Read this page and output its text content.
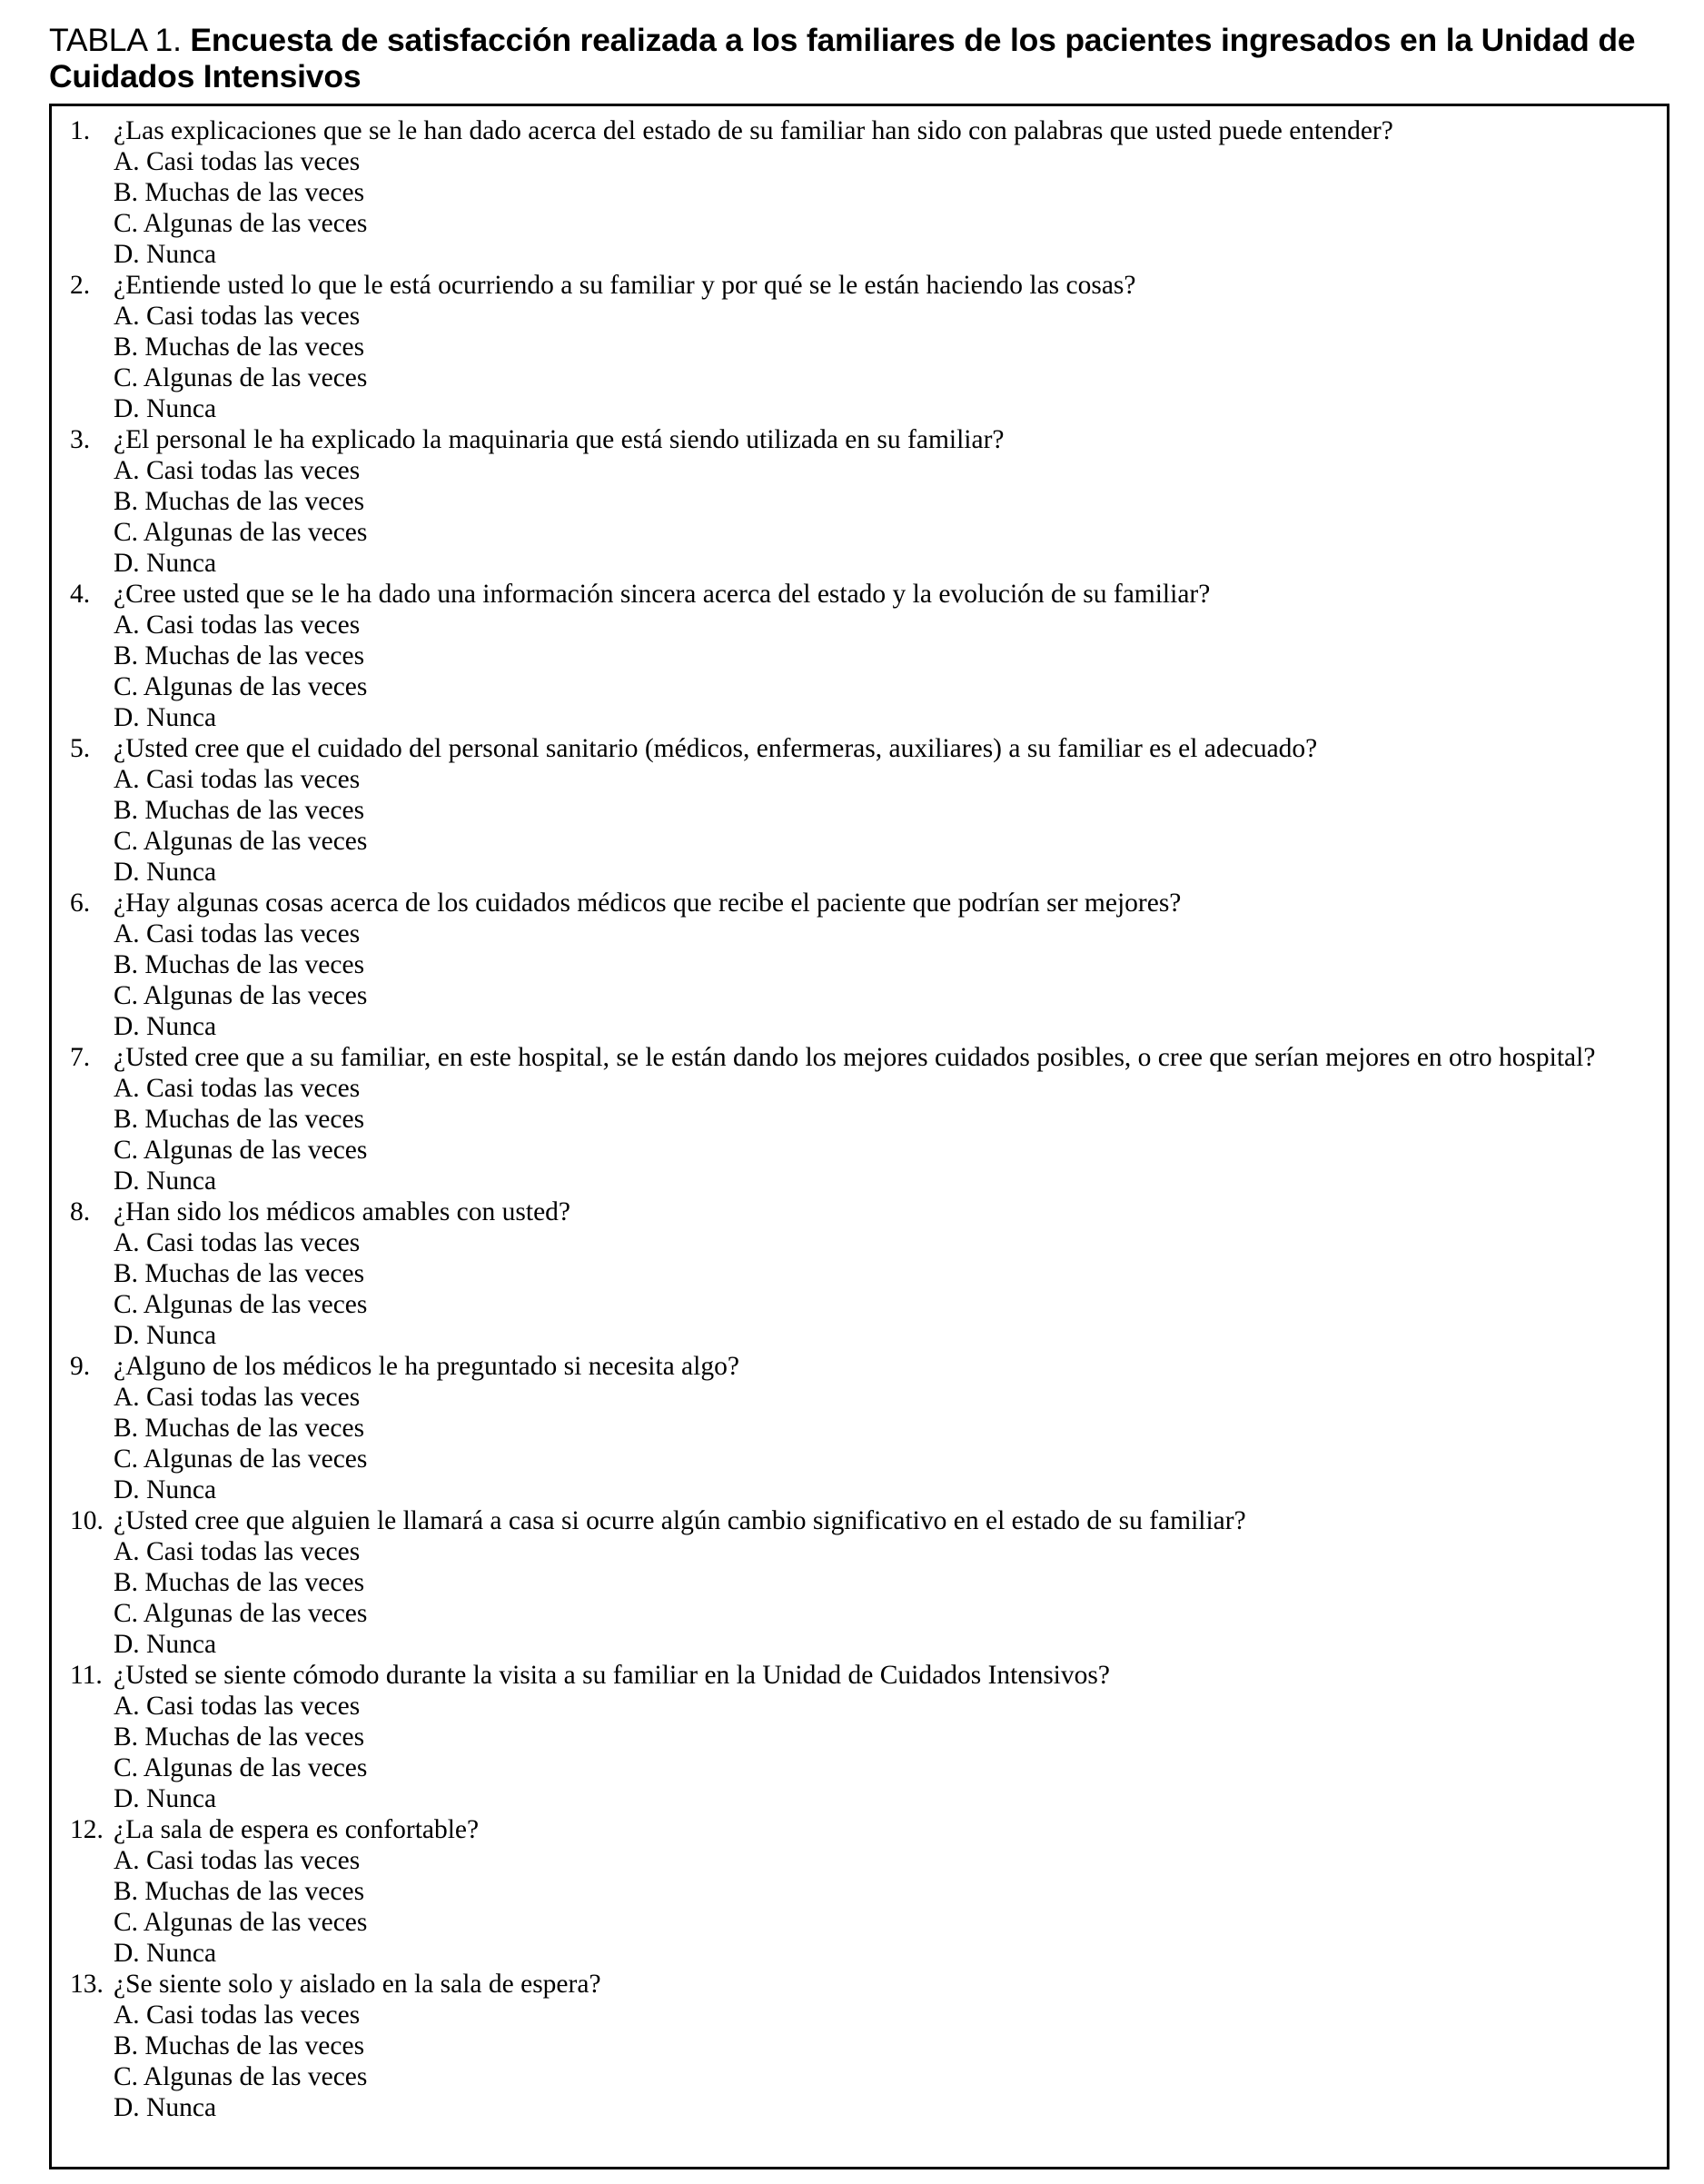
TABLA 1. Encuesta de satisfacción realizada a los familiares de los pacientes ingresados en la Unidad de Cuidados Intensivos
1. ¿Las explicaciones que se le han dado acerca del estado de su familiar han sido con palabras que usted puede entender?
A. Casi todas las veces
B. Muchas de las veces
C. Algunas de las veces
D. Nunca
2. ¿Entiende usted lo que le está ocurriendo a su familiar y por qué se le están haciendo las cosas?
A. Casi todas las veces
B. Muchas de las veces
C. Algunas de las veces
D. Nunca
3. ¿El personal le ha explicado la maquinaria que está siendo utilizada en su familiar?
A. Casi todas las veces
B. Muchas de las veces
C. Algunas de las veces
D. Nunca
4. ¿Cree usted que se le ha dado una información sincera acerca del estado y la evolución de su familiar?
A. Casi todas las veces
B. Muchas de las veces
C. Algunas de las veces
D. Nunca
5. ¿Usted cree que el cuidado del personal sanitario (médicos, enfermeras, auxiliares) a su familiar es el adecuado?
A. Casi todas las veces
B. Muchas de las veces
C. Algunas de las veces
D. Nunca
6. ¿Hay algunas cosas acerca de los cuidados médicos que recibe el paciente que podrían ser mejores?
A. Casi todas las veces
B. Muchas de las veces
C. Algunas de las veces
D. Nunca
7. ¿Usted cree que a su familiar, en este hospital, se le están dando los mejores cuidados posibles, o cree que serían mejores en otro hospital?
A. Casi todas las veces
B. Muchas de las veces
C. Algunas de las veces
D. Nunca
8. ¿Han sido los médicos amables con usted?
A. Casi todas las veces
B. Muchas de las veces
C. Algunas de las veces
D. Nunca
9. ¿Alguno de los médicos le ha preguntado si necesita algo?
A. Casi todas las veces
B. Muchas de las veces
C. Algunas de las veces
D. Nunca
10. ¿Usted cree que alguien le llamará a casa si ocurre algún cambio significativo en el estado de su familiar?
A. Casi todas las veces
B. Muchas de las veces
C. Algunas de las veces
D. Nunca
11. ¿Usted se siente cómodo durante la visita a su familiar en la Unidad de Cuidados Intensivos?
A. Casi todas las veces
B. Muchas de las veces
C. Algunas de las veces
D. Nunca
12. ¿La sala de espera es confortable?
A. Casi todas las veces
B. Muchas de las veces
C. Algunas de las veces
D. Nunca
13. ¿Se siente solo y aislado en la sala de espera?
A. Casi todas las veces
B. Muchas de las veces
C. Algunas de las veces
D. Nunca
